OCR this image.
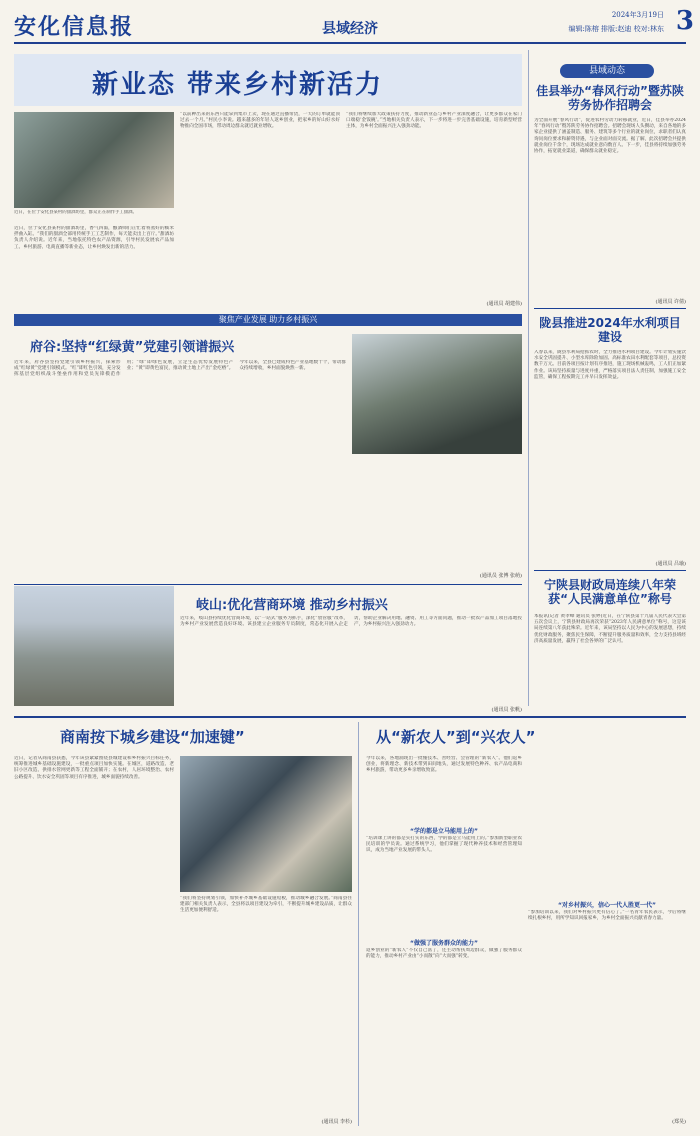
安化信息报	县域经济
2024年3月19日 3
编辑:陈榕 排版:赵迪 校对:林东
新业态 带来乡村新活力
近日，在位于安化县某村的甜酒坊里，群众正在制作手工甜酒。
近日，位于安化县某村的甜酒坊里，香气四溢，酿酒师们正忙着将蒸好的糯米拌曲入缸。“我们的甜酒全部用传统手工工艺制作，每天能卖出上百斤。”甜酒坊负责人介绍说。近年来，当地依托特色农产品资源，引导村民发展农产品加工、乡村旅游、电商直播等新业态，让乡村焕发出新的活力。
“以前种出来的东西只能拿到集市上卖，现在通过直播带货，一天的订单就能顶过去一个月。”村民小李说。越来越多的年轻人返乡创业，把家乡的好山好水好物推向全国市场，带动周边群众就近就业增收。
“我们将继续加大政策扶持力度，推动新业态与乡村产业深度融合，让更多群众在家门口端稳‘金饭碗’。”当地相关负责人表示，下一步将进一步完善基础设施，培育新型经营主体，为乡村全面振兴注入强劲动能。
(通讯员 胡建伟)
县域动态
佳县举办“春风行动”暨苏陕劳务协作招聘会
为全面开展“春风行动”，促进农村劳动力转移就业，近日，佳县举办2024年“春风行动”暨苏陕劳务协作招聘会。招聘会现场人头攒动，来自各地的多家企业提供了涵盖制造、服务、建筑等多个行业的就业岗位，求职者们认真询问岗位要求和薪资待遇，与企业面对面交流。据了解，此次招聘会共提供就业岗位千余个，现场达成就业意向数百人。下一步，佳县将持续加强劳务协作，拓宽就业渠道，确保群众就业稳定。
(通讯员 许倩)
陇县推进2024年水利项目建设
入春以来，陇县水利局抢抓农时，全力推进水利项目建设。今年计划实施饮水安全巩固提升、小型水库除险加固、高标准农田水利配套等项目，总投资数千万元。目前各项目按计划有序推进，施工现场机械轰鸣，工人们正加紧作业。该局坚持质量与进度并重，严格落实项目法人责任制，加强施工安全监管，确保工程按期完工并早日发挥效益。
(通讯员 吕瑜)
宁陕县财政局连续八年荣获“人民满意单位”称号
本报讯(记者 黄孝峰 通讯员 张婷)近日，在宁陕县第十九届人民代表大会第五次会议上，宁陕县财政局再次荣获“2023年人民满意单位”称号，这是该局连续第八年获此殊荣。近年来，该局坚持以人民为中心的发展思想，持续优化财政服务，聚焦民生保障，不断提升服务质量和效率，全力支持县域经济高质量发展，赢得了社会各界的广泛认可。
聚焦产业发展 助力乡村振兴
府谷:坚持“红绿黄”党建引领谱振兴
近年来，府谷县坚持党建引领乡村振兴，探索形成“红绿黄”党建引领模式。“红”即红色引领，充分发挥基层党组织战斗堡垒作用和党员先锋模范作用；“绿”即绿色发展，立足生态优势发展特色产业；“黄”即黄色富民，推动黄土地上产出“金疙瘩”。今年以来，全县已建成特色产业基地数十个，带动群众持续增收，乡村面貌焕然一新。
(通讯员 张博 张萌)
岐山:优化营商环境 推动乡村振兴
近年来，岐山县持续优化营商环境，以“一站式”服务为抓手，深化“放管服”改革，为乡村产业发展营造良好环境。该县建立企业服务专员制度，常态化开展入企走访，帮助企业解决用地、融资、用工等方面问题，推动一批农产品加工项目落地投产，为乡村振兴注入强劲动力。
(通讯员 张帆)
商南按下城乡建设“加速键”
近日，记者从商南县获悉，今年该县紧紧围绕县城建设和乡村振兴目标任务，统筹推进城乡基础设施建设，一批重点项目加快实施。在城区，道路改造、老旧小区改造、供排水管网更新等工程全面铺开；在农村，人居环境整治、农村公路提升、饮水安全巩固等项目有序推进，城乡面貌持续改善。
“我们将坚持规划引领，加快补齐城乡基础设施短板，推动城乡融合发展。”商南县住建部门相关负责人表示，全县将以项目建设为牵引，不断提升城乡建设品质，让群众生活更加便利舒适。
(通讯员 李杉)
从“新农人”到“兴农人”
今年以来，各地涌现出一批懂技术、善经营、会管理的“新农人”。他们返乡创业，将新理念、新技术带到田间地头，通过发展特色种养、农产品电商和乡村旅游，带动更多乡亲增收致富。
“学的都是立马能用上的”
“培训课上讲的都是实打实的东西，学的都是立马能用上的。”参加新型职业农民培训的学员说。通过系统学习，他们掌握了现代种养技术和经营管理知识，成为当地产业发展的带头人。
“做强了服务群众的能力”
返乡创业的“新农人”不仅自己富了，还主动帮扶周边群众，做强了服务群众的能力，推动乡村产业由“小而散”向“大而强”转变。
“对乡村振兴，信心一代人胜更一代”
“参加培训以来，我们对乡村振兴更有信心了。”一名青年农民表示，今后将继续扎根乡村，用所学知识回报家乡，为乡村全面振兴贡献青春力量。
(郑昊)
